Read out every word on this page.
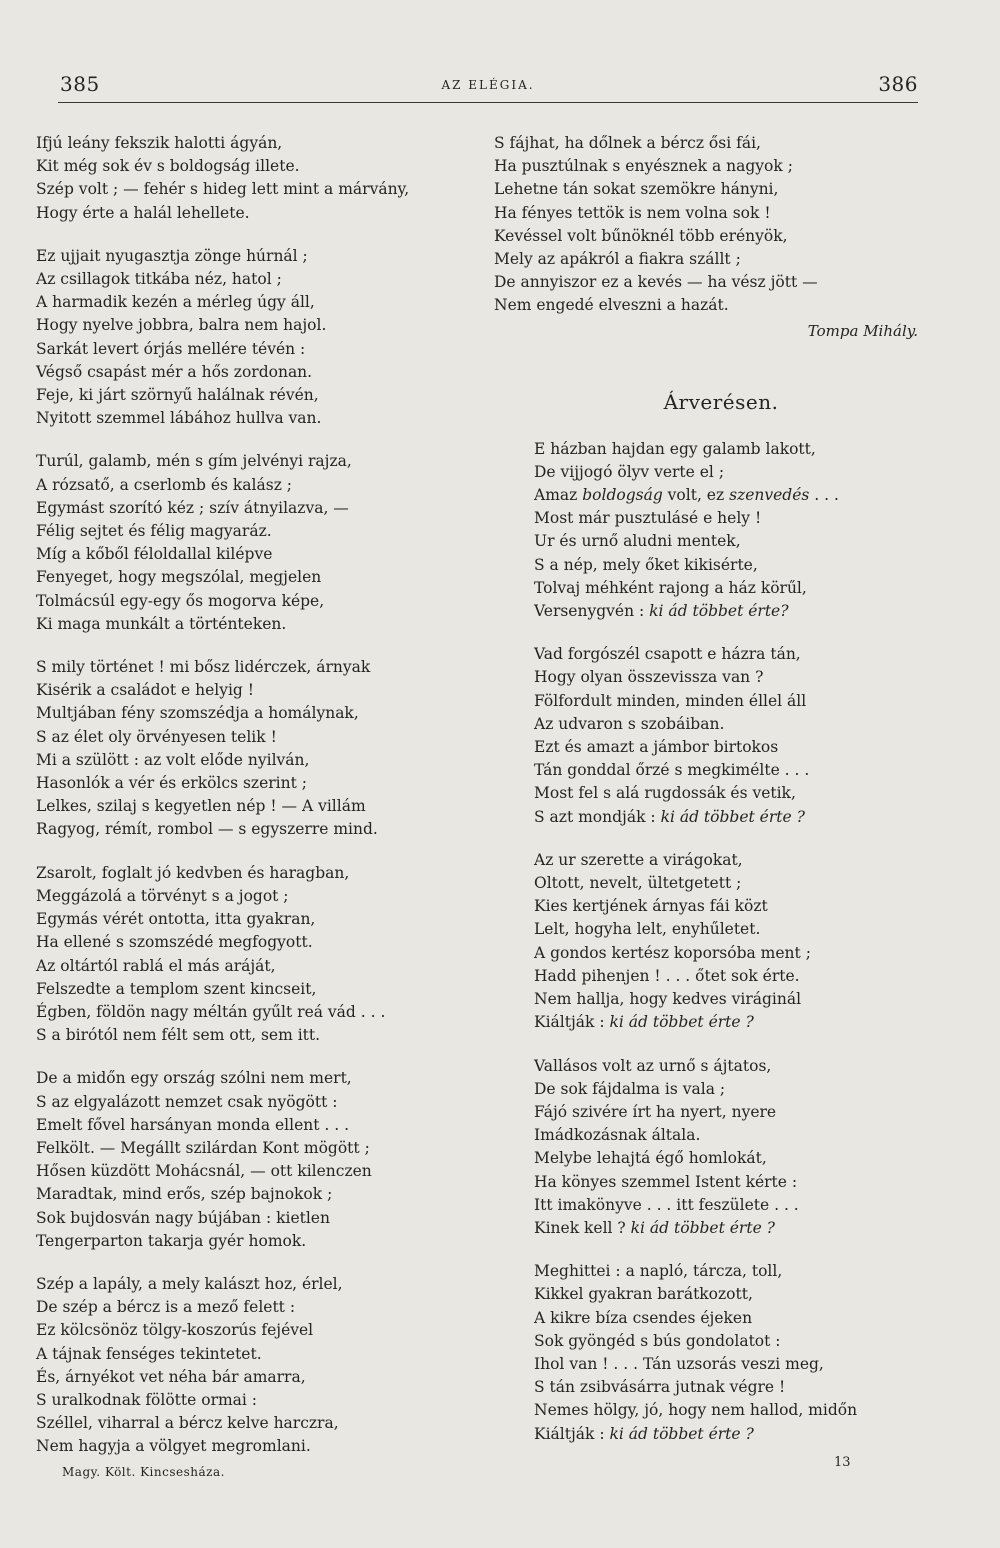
385	AZ ELÉGIA.	386
Ifjú leány fekszik halotti ágyán,
Kit még sok év s boldogság illete.
Szép volt ; — fehér s hideg lett mint a márvány,
Hogy érte a halál lehellete.
Ez ujjait nyugasztja zönge húrnál ;
Az csillagok titkába néz, hatol ;
A harmadik kezén a mérleg úgy áll,
Hogy nyelve jobbra, balra nem hajol.
Sarkát levert órjás mellére tévén :
Végső csapást mér a hős zordonan.
Feje, ki járt szörnyű halálnak révén,
Nyitott szemmel lábához hullva van.
Turúl, galamb, mén s gím jelvényi rajza,
A rózsatő, a cserlomb és kalász ;
Egymást szorító kéz ; szív átnyilazva, —
Félig sejtet és félig magyaráz.
Míg a kőből féloldallal kilépve
Fenyeget, hogy megszólal, megjelen
Tolmácsúl egy-egy ős mogorva képe,
Ki maga munkált a történteken.
S mily történet ! mi bősz lidérczek, árnyak
Kisérik a családot e helyig !
Multjában fény szomszédja a homálynak,
S az élet oly örvényesen telik !
Mi a szülött : az volt előde nyilván,
Hasonlók a vér és erkölcs szerint ;
Lelkes, szilaj s kegyetlen nép ! — A villám
Ragyog, rémít, rombol — s egyszerre mind.
Zsarolt, foglalt jó kedvben és haragban,
Meggázolá a törvényt s a jogot ;
Egymás vérét ontotta, itta gyakran,
Ha ellené s szomszédé megfogyott.
Az oltártól rablá el más aráját,
Felszedte a templom szent kincseit,
Égben, földön nagy méltán gyűlt reá vád . . .
S a birótól nem félt sem ott, sem itt.
De a midőn egy ország szólni nem mert,
S az elgyalázott nemzet csak nyögött :
Emelt fővel harsányan monda ellent . . .
Felkölt. — Megállt szilárdan Kont mögött ;
Hősen küzdött Mohácsnál, — ott kilenczen
Maradtak, mind erős, szép bajnokok ;
Sok bujdosván nagy bújában : kietlen
Tengerparton takarja gyér homok.
Szép a lapály, a mely kalászt hoz, érlel,
De szép a bércz is a mező felett :
Ez kölcsönöz tölgy-koszorús fejével
A tájnak fenséges tekintetet.
És, árnyékot vet néha bár amarra,
S uralkodnak fölötte ormai :
Széllel, viharral a bércz kelve harczra,
Nem hagyja a völgyet megromlani.
S fájhat, ha dőlnek a bércz ősi fái,
Ha pusztúlnak s enyésznek a nagyok ;
Lehetne tán sokat szemökre hányni,
Ha fényes tettök is nem volna sok !
Kevéssel volt bűnöknél több erényök,
Mely az apákról a fiakra szállt ;
De annyiszor ez a kevés — ha vész jött —
Nem engedé elveszni a hazát.
Tompa Mihály.
Árverésen.
E házban hajdan egy galamb lakott,
De vijjogó ölyv verte el ;
Amaz boldogság volt, ez szenvedés . . .
Most már pusztulásé e hely !
Ur és urnő aludni mentek,
S a nép, mely őket kikisérte,
Tolvaj méhként rajong a ház körűl,
Versenygvén : ki ád többet érte?
Vad forgószél csapott e házra tán,
Hogy olyan összevissza van ?
Fölfordult minden, minden éllel áll
Az udvaron s szobáiban.
Ezt és amazt a jámbor birtokos
Tán gonddal őrzé s megkimélte . . .
Most fel s alá rugdossák és vetik,
S azt mondják : ki ád többet érte ?
Az ur szerette a virágokat,
Oltott, nevelt, ültetgetett ;
Kies kertjének árnyas fái közt
Lelt, hogyha lelt, enyhűletet.
A gondos kertész koporsóba ment ;
Hadd pihenjen ! . . . őtet sok érte.
Nem hallja, hogy kedves viráginál
Kiáltják : ki ád többet érte ?
Vallásos volt az urnő s ájtatos,
De sok fájdalma is vala ;
Fájó szivére írt ha nyert, nyere
Imádkozásnak általa.
Melybe lehajtá égő homlokát,
Ha könyes szemmel Istent kérte :
Itt imakönyve . . . itt feszülete . . .
Kinek kell ? ki ád többet érte ?
Meghittei : a napló, tárcza, toll,
Kikkel gyakran barátkozott,
A kikre bíza csendes éjeken
Sok gyöngéd s bús gondolatot :
Ihol van ! . . . Tán uzsorás veszi meg,
S tán zsibvásárra jutnak végre !
Nemes hölgy, jó, hogy nem hallod, midőn
Kiáltják : ki ád többet érte ?
Magy. Költ. Kincsesháza.
13
